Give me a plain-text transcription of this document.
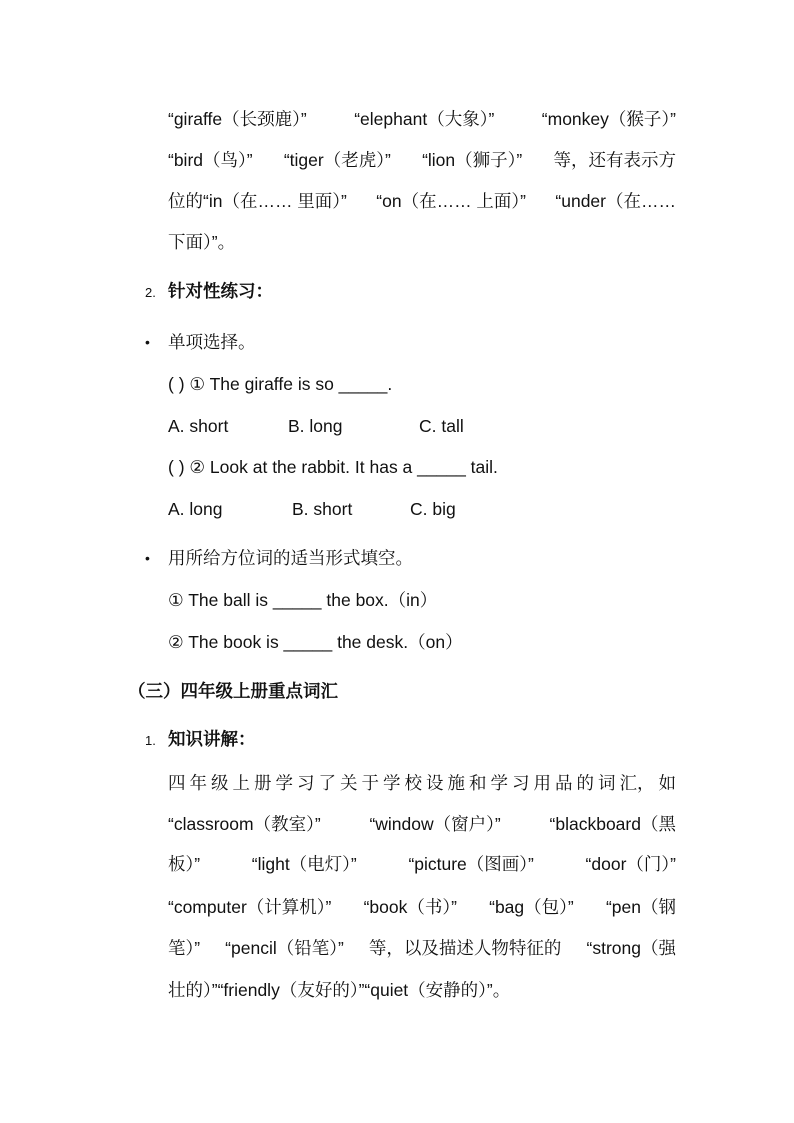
“giraffe（长颈鹿）”	“elephant（大象）”	“monkey（猴子）”
“bird（鸟）” “tiger（老虎）” “lion（狮子）” 等，还有表示方
位的“in（在…… 里面）” “on（在…… 上面）” “under（在……
下面）”。
2. 针对性练习：
• 单项选择。
( ) ① The giraffe is so _____.
A. short	B. long	C. tall
( ) ② Look at the rabbit. It has a _____ tail.
A. long	B. short	C. big
• 用所给方位词的适当形式填空。
① The ball is _____ the box.（in）
② The book is _____ the desk.（on）
（三）四年级上册重点词汇
1. 知识讲解：
四 年 级 上 册 学 习 了 关 于 学 校 设 施 和 学 习 用 品 的 词 汇， 如
“classroom（教室）”	“window（窗户）”	“blackboard（黑
板）”	“light（电灯）”	“picture（图画）”	“door（门）”
“computer（计算机）” “book（书）” “bag（包）” “pen（钢
笔）” “pencil（铅笔）” 等，以及描述人物特征的 “strong（强
壮的）”“friendly（友好的）”“quiet（安静的）”。
